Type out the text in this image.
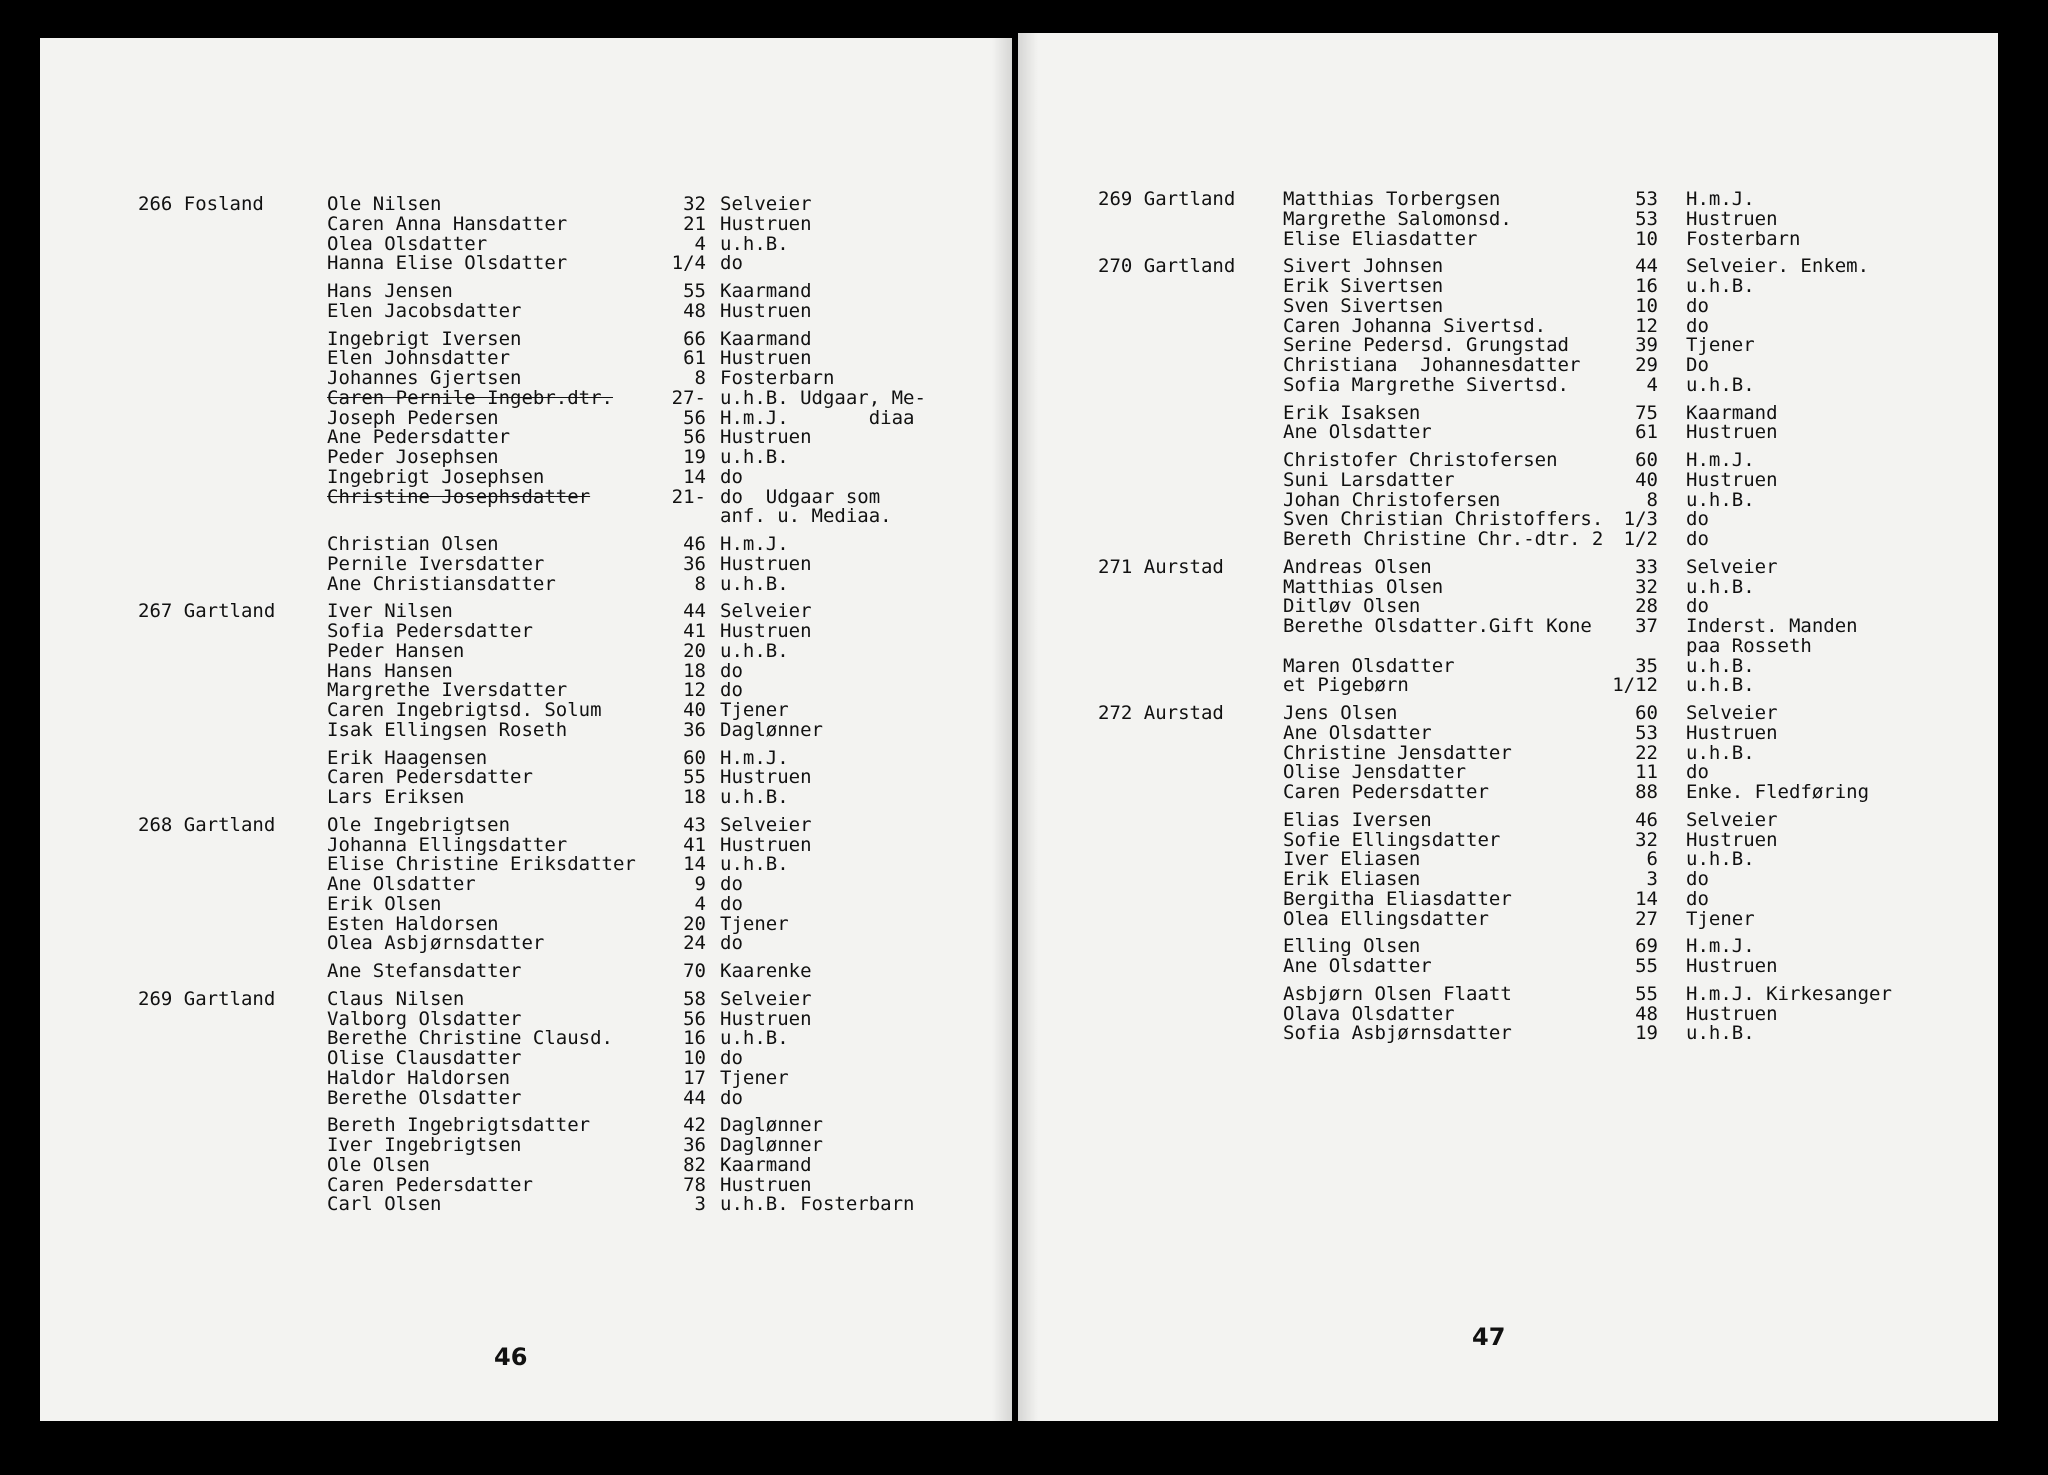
266 Fosland
267 Gartland
268 Gartland
269 Gartland
Ole Nilsen
Caren Anna Hansdatter
Olea Olsdatter
Hanna Elise Olsdatter
Hans Jensen
Elen Jacobsdatter
Ingebrigt Iversen
Elen Johnsdatter
Johannes Gjertsen
Caren Pernile Ingebr.dtr.
Joseph Pedersen
Ane Pedersdatter
Peder Josephsen
Ingebrigt Josephsen
Christine Josephsdatter
Christian Olsen
Pernile Iversdatter
Ane Christiansdatter
Iver Nilsen
Sofia Pedersdatter
Peder Hansen
Hans Hansen
Margrethe Iversdatter
Caren Ingebrigtsd. Solum
Isak Ellingsen Roseth
Erik Haagensen
Caren Pedersdatter
Lars Eriksen
Ole Ingebrigtsen
Johanna Ellingsdatter
Elise Christine Eriksdatter
Ane Olsdatter
Erik Olsen
Esten Haldorsen
Olea Asbjørnsdatter
Ane Stefansdatter
Claus Nilsen
Valborg Olsdatter
Berethe Christine Clausd.
Olise Clausdatter
Haldor Haldorsen
Berethe Olsdatter
Bereth Ingebrigtsdatter
Iver Ingebrigtsen
Ole Olsen
Caren Pedersdatter
Carl Olsen
32
21
4
1/4
55
48
66
61
8
27-
56
56
19
14
21-
46
36
8
44
41
20
18
12
40
36
60
55
18
43
41
14
9
4
20
24
70
58
56
16
10
17
44
42
36
82
78
3
Selveier
Hustruen
u.h.B.
do
Kaarmand
Hustruen
Kaarmand
Hustruen
Fosterbarn
u.h.B. Udgaar, Me-
H.m.J.       diaa
Hustruen
u.h.B.
do
do  Udgaar som
anf. u. Mediaa.
H.m.J.
Hustruen
u.h.B.
Selveier
Hustruen
u.h.B.
do
do
Tjener
Daglønner
H.m.J.
Hustruen
u.h.B.
Selveier
Hustruen
u.h.B.
do
do
Tjener
do
Kaarenke
Selveier
Hustruen
u.h.B.
do
Tjener
do
Daglønner
Daglønner
Kaarmand
Hustruen
u.h.B. Fosterbarn
46
269 Gartland
270 Gartland
271 Aurstad
272 Aurstad
Matthias Torbergsen
Margrethe Salomonsd.
Elise Eliasdatter
Sivert Johnsen
Erik Sivertsen
Sven Sivertsen
Caren Johanna Sivertsd.
Serine Pedersd. Grungstad
Christiana  Johannesdatter
Sofia Margrethe Sivertsd.
Erik Isaksen
Ane Olsdatter
Christofer Christofersen
Suni Larsdatter
Johan Christofersen
Sven Christian Christoffers.
Bereth Christine Chr.-dtr. 2
Andreas Olsen
Matthias Olsen
Ditløv Olsen
Berethe Olsdatter.Gift Kone
Maren Olsdatter
et Pigebørn
Jens Olsen
Ane Olsdatter
Christine Jensdatter
Olise Jensdatter
Caren Pedersdatter
Elias Iversen
Sofie Ellingsdatter
Iver Eliasen
Erik Eliasen
Bergitha Eliasdatter
Olea Ellingsdatter
Elling Olsen
Ane Olsdatter
Asbjørn Olsen Flaatt
Olava Olsdatter
Sofia Asbjørnsdatter
53
53
10
44
16
10
12
39
29
4
75
61
60
40
8
1/3
1/2
33
32
28
37
35
1/12
60
53
22
11
88
46
32
6
3
14
27
69
55
55
48
19
H.m.J.
Hustruen
Fosterbarn
Selveier. Enkem.
u.h.B.
do
do
Tjener
Do
u.h.B.
Kaarmand
Hustruen
H.m.J.
Hustruen
u.h.B.
do
do
Selveier
u.h.B.
do
Inderst. Manden
paa Rosseth
u.h.B.
u.h.B.
Selveier
Hustruen
u.h.B.
do
Enke. Fledføring
Selveier
Hustruen
u.h.B.
do
do
Tjener
H.m.J.
Hustruen
H.m.J. Kirkesanger
Hustruen
u.h.B.
47
